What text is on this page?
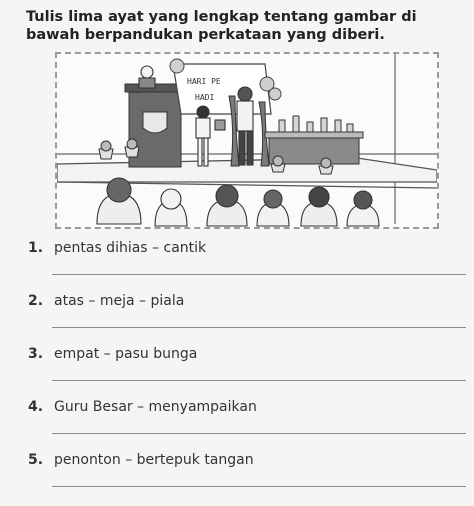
Tulis lima ayat yang lengkap tentang gambar di bawah berpandukan perkataan yang diberi.
HARI PE
HADI
1. pentas dihias – cantik
2. atas – meja – piala
3. empat – pasu bunga
4. Guru Besar – menyampaikan
5. penonton – bertepuk tangan
